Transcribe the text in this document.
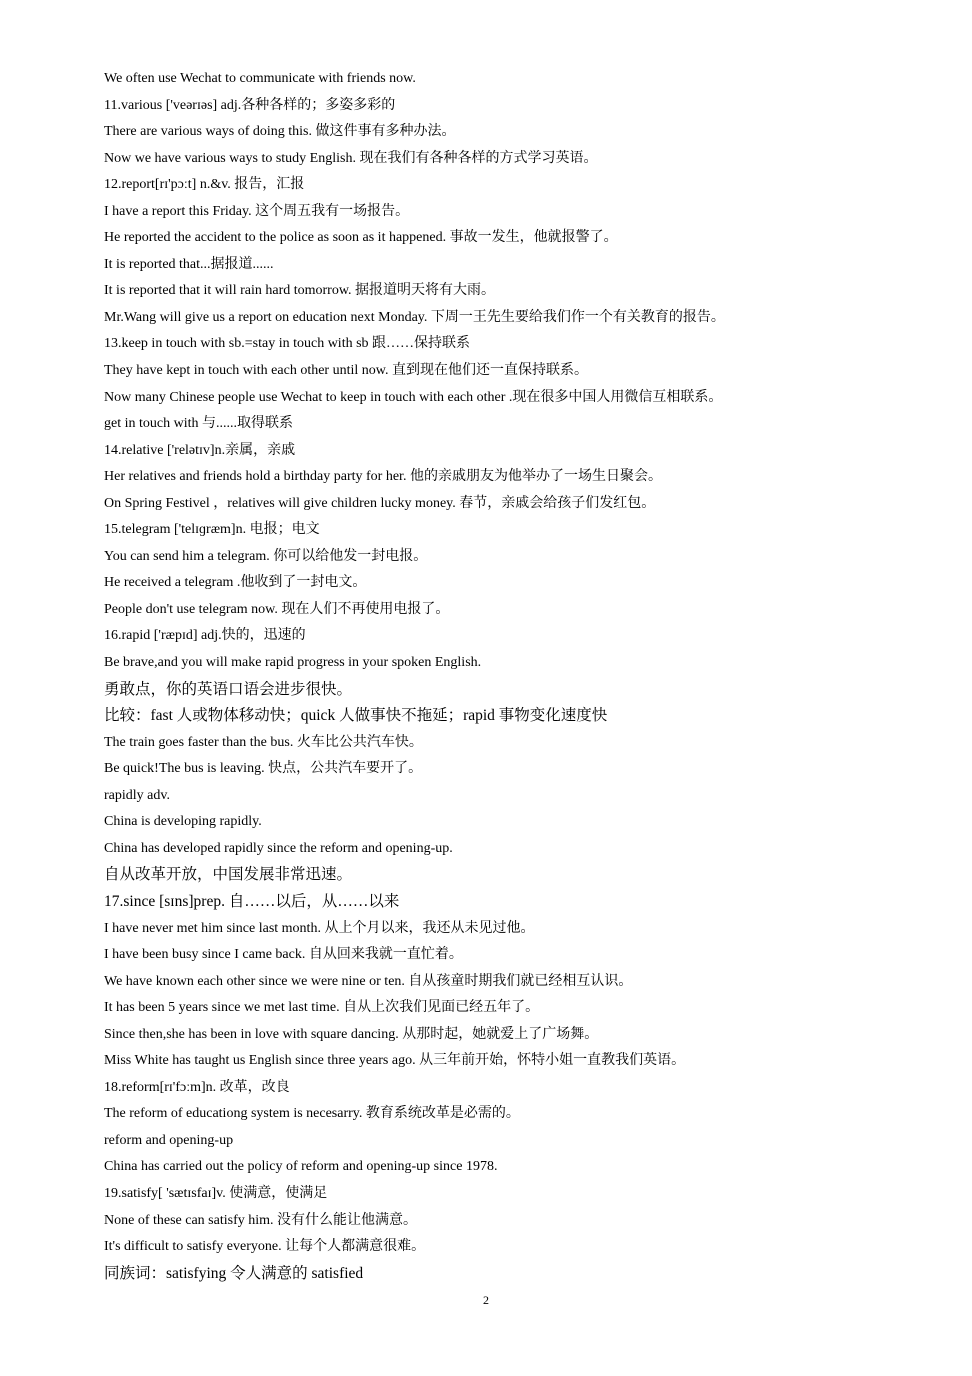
We often use Wechat to communicate with friends now.
11.various ['veərɪəs] adj.各种各样的；多姿多彩的
There are various ways of doing this. 做这件事有多种办法。
Now we have various ways to study English. 现在我们有各种各样的方式学习英语。
12.report[rɪ'pɔːt] n.&v. 报告，汇报
I have a report this Friday. 这个周五我有一场报告。
He reported the accident to the police as soon as it happened. 事故一发生，他就报警了。
It is reported that...据报道......
It is reported that it will rain hard tomorrow. 据报道明天将有大雨。
Mr.Wang will give us a report on education next Monday. 下周一王先生要给我们作一个有关教育的报告。
13.keep in touch with sb.=stay in touch with sb 跟……保持联系
They have kept in touch with each other until now. 直到现在他们还一直保持联系。
Now many Chinese people use Wechat to keep in touch with each other .现在很多中国人用微信互相联系。
get in touch with 与......取得联系
14.relative ['relətɪv]n.亲属，亲戚
Her relatives and friends hold a birthday party for her. 他的亲戚朋友为他举办了一场生日聚会。
On Spring Festivel ，relatives will give children lucky money. 春节，亲戚会给孩子们发红包。
15.telegram ['telɪɡræm]n. 电报；电文
You can send him a telegram. 你可以给他发一封电报。
He received a telegram .他收到了一封电文。
People don't use telegram now. 现在人们不再使用电报了。
16.rapid ['ræpɪd] adj.快的，迅速的
Be brave,and you will make rapid progress in your spoken English.
勇敢点，你的英语口语会进步很快。
比较：fast 人或物体移动快；quick 人做事快不拖延；rapid 事物变化速度快
The train goes faster than the bus. 火车比公共汽车快。
Be quick!The bus is leaving. 快点，公共汽车要开了。
rapidly adv.
China is developing rapidly.
China has developed rapidly since the reform and opening-up.
自从改革开放，中国发展非常迅速。
17.since [sɪns]prep. 自……以后，从……以来
I have never met him since last month. 从上个月以来，我还从未见过他。
I have been busy since I came back. 自从回来我就一直忙着。
We have known each other since we were nine or ten. 自从孩童时期我们就已经相互认识。
It has been 5 years since we met last time. 自从上次我们见面已经五年了。
Since then,she has been in love with square dancing. 从那时起，她就爱上了广场舞。
Miss White has taught us English since three years ago. 从三年前开始，怀特小姐一直教我们英语。
18.reform[rɪ'fɔːm]n. 改革，改良
The reform of educationg system is necesarry. 教育系统改革是必需的。
reform and opening-up
China has carried out the policy of reform and opening-up since 1978.
19.satisfy[ 'sætɪsfaɪ]v. 使满意，使满足
None of these can satisfy him. 没有什么能让他满意。
It's difficult to satisfy everyone. 让每个人都满意很难。
同族词：satisfying 令人满意的 satisfied
2
